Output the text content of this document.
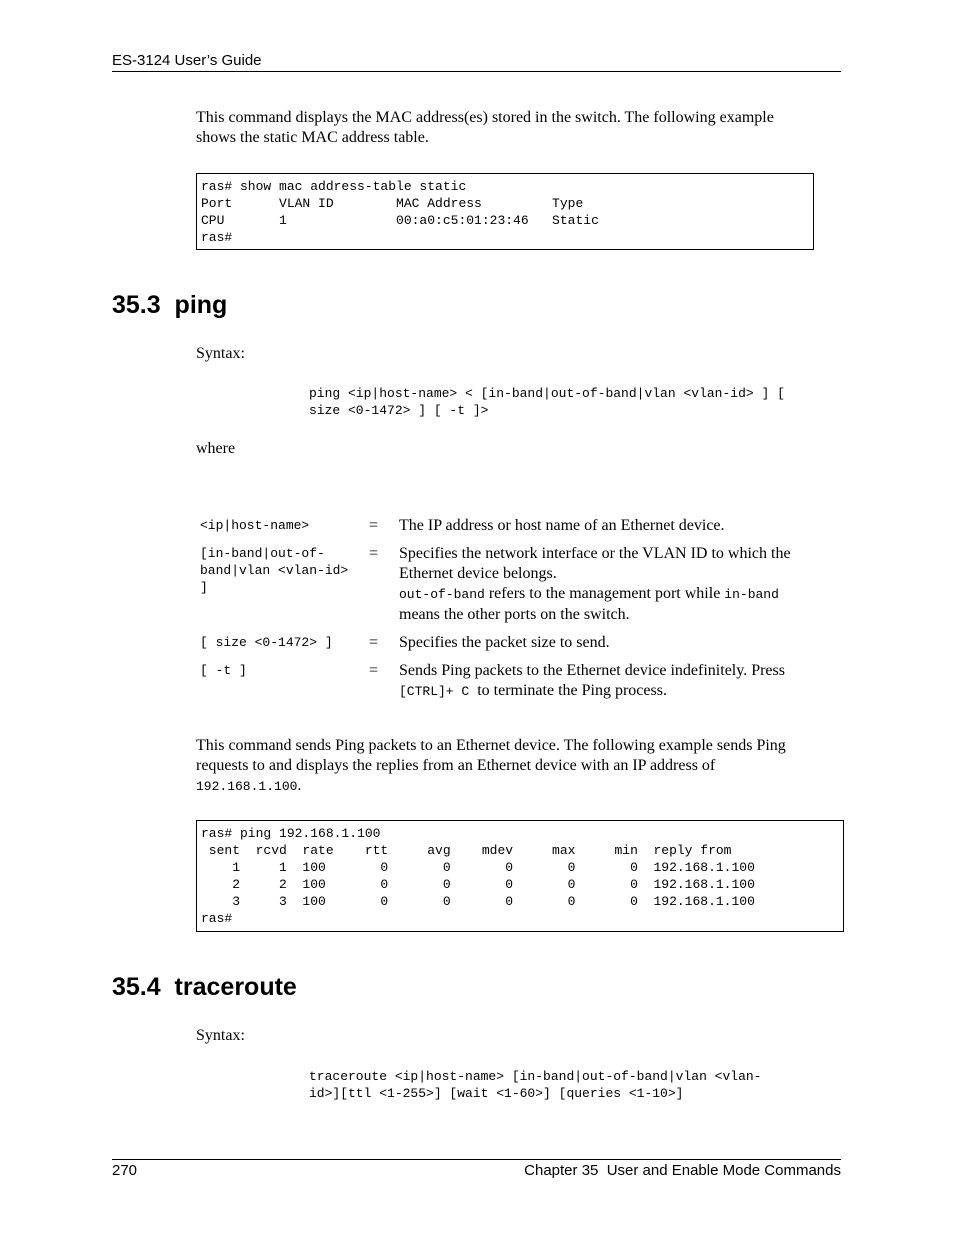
ES-3124 User’s Guide
This command displays the MAC address(es) stored in the switch. The following example
shows the static MAC address table.
ras# show mac address-table static
Port      VLAN ID        MAC Address         Type
CPU       1              00:a0:c5:01:23:46   Static
ras#
35.3  ping
Syntax:
ping <ip|host-name> < [in-band|out-of-band|vlan <vlan-id> ] [
size <0-1472> ] [ -t ]>
where
<ip|host-name>	= The IP address or host name of an Ethernet device.
[in-band|out-of-
band|vlan <vlan-id>
]
= Specifies the network interface or the VLAN ID to which the
Ethernet device belongs.
out-of-band refers to the management port while in-band
means the other ports on the switch.
[ size <0-1472> ]	= Specifies the packet size to send.
[ -t ]	= Sends Ping packets to the Ethernet device indefinitely. Press
[CTRL]+ C  to terminate the Ping process.
This command sends Ping packets to an Ethernet device. The following example sends Ping
requests to and displays the replies from an Ethernet device with an IP address of
192.168.1.100.
ras# ping 192.168.1.100
sent  rcvd  rate    rtt     avg    mdev     max     min  reply from
1     1  100       0       0       0       0       0  192.168.1.100
2     2  100       0       0       0       0       0  192.168.1.100
3     3  100       0       0       0       0       0  192.168.1.100
ras#
35.4  traceroute
Syntax:
traceroute <ip|host-name> [in-band|out-of-band|vlan <vlan-
id>][ttl <1-255>] [wait <1-60>] [queries <1-10>]
270	Chapter 35  User and Enable Mode Commands
